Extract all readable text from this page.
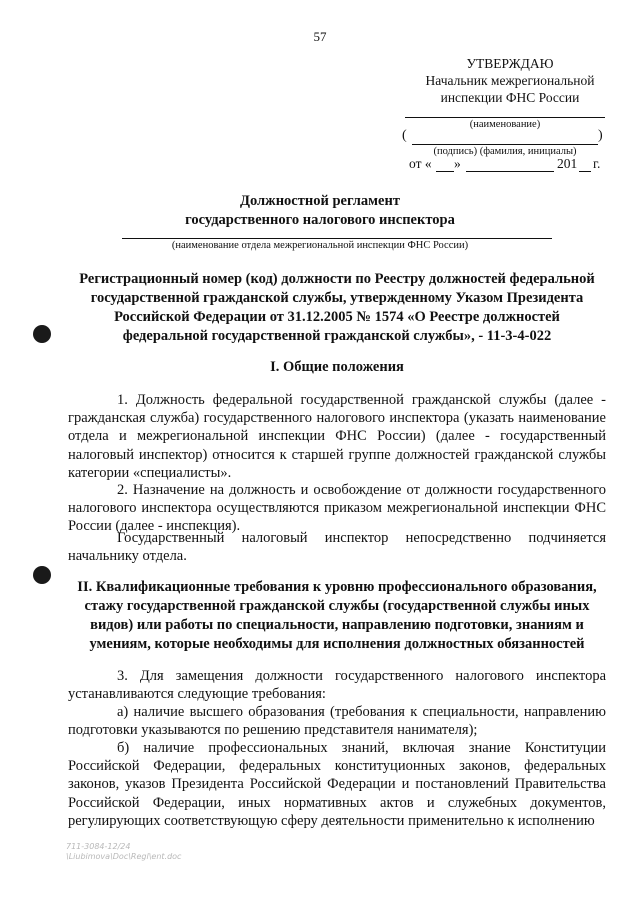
57
УТВЕРЖДАЮ
Начальник межрегиональной
инспекции ФНС России
(наименование)
(	)
(подпись) (фамилия, инициалы)
от « »	201 г.
Должностной регламент
государственного налогового инспектора
(наименование отдела межрегиональной инспекции ФНС России)
Регистрационный номер (код) должности по Реестру должностей федеральной
государственной гражданской службы, утвержденному Указом Президента
Российской Федерации от 31.12.2005 № 1574 «О Реестре должностей
федеральной государственной гражданской службы», - 11-3-4-022
I. Общие положения
1. Должность федеральной государственной гражданской службы (далее - гражданская служба) государственного налогового инспектора (указать наименование отдела и межрегиональной инспекции ФНС России) (далее - государственный налоговый инспектор) относится к старшей группе должностей гражданской службы категории «специалисты».
2. Назначение на должность и освобождение от должности государственного налогового инспектора осуществляются приказом межрегиональной инспекции ФНС России (далее - инспекция).
Государственный налоговый инспектор непосредственно подчиняется начальнику отдела.
II. Квалификационные требования к уровню профессионального образования,
стажу государственной гражданской службы (государственной службы иных
видов) или работы по специальности, направлению подготовки, знаниям и
умениям, которые необходимы для исполнения должностных обязанностей
3. Для замещения должности государственного налогового инспектора устанавливаются следующие требования:
а) наличие высшего образования (требования к специальности, направлению подготовки указываются по решению представителя нанимателя);
б) наличие профессиональных знаний, включая знание Конституции Российской Федерации, федеральных конституционных законов, федеральных законов, указов Президента Российской Федерации и постановлений Правительства Российской Федерации, иных нормативных актов и служебных документов, регулирующих соответствующую сферу деятельности применительно к исполнению
711-3084-12/24
\Liubimova\Doc\Regl\ent.doc
